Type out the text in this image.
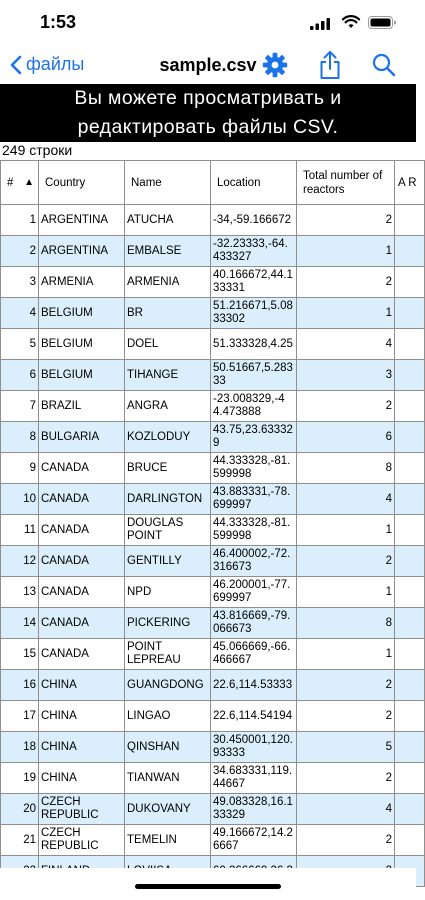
1:53
файлы	sample.csv
Вы можете просматривать и
редактировать файлы CSV.
249 строки
# ▲	Country	Name	Location	Total number of reactors	A R
1	ARGENTINA	ATUCHA	-34,-59.166672	2	
2	ARGENTINA	EMBALSE	-32.23333,-64.433327	1	
3	ARMENIA	ARMENIA	40.166672,44.133331	2	
4	BELGIUM	BR	51.216671,5.0833302	1	
5	BELGIUM	DOEL	51.333328,4.25	4	
6	BELGIUM	TIHANGE	50.51667,5.28333	3	
7	BRAZIL	ANGRA	-23.008329,-44.473888	2	
8	BULGARIA	KOZLODUY	43.75,23.633329	6	
9	CANADA	BRUCE	44.333328,-81.599998	8	
10	CANADA	DARLINGTON	43.883331,-78.699997	4	
11	CANADA	DOUGLAS POINT	44.333328,-81.599998	1	
12	CANADA	GENTILLY	46.400002,-72.316673	2	
13	CANADA	NPD	46.200001,-77.699997	1	
14	CANADA	PICKERING	43.816669,-79.066673	8	
15	CANADA	POINT LEPREAU	45.066669,-66.466667	1	
16	CHINA	GUANGDONG	22.6,114.53333	2	
17	CHINA	LINGAO	22.6,114.54194	2	
18	CHINA	QINSHAN	30.450001,120.93333	5	
19	CHINA	TIANWAN	34.683331,119.44667	2	
20	CZECH REPUBLIC	DUKOVANY	49.083328,16.133329	4	
21	CZECH REPUBLIC	TEMELIN	49.166672,14.26667	2	
